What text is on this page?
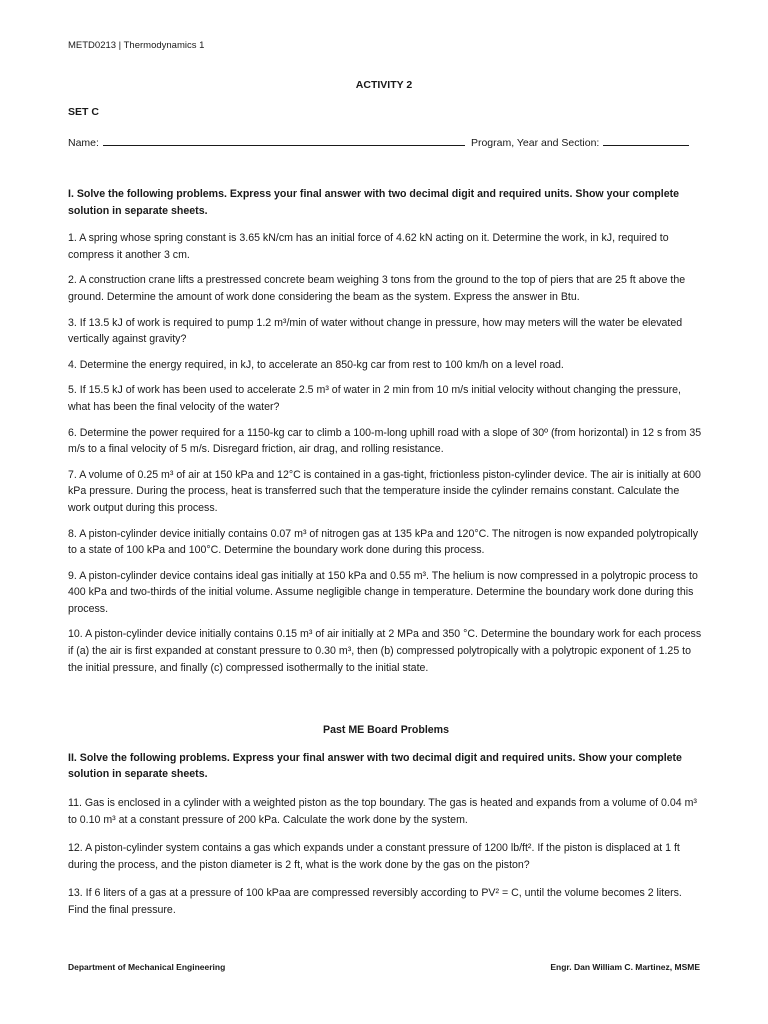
METD0213 | Thermodynamics 1
ACTIVITY 2
SET C
Name:	Program, Year and Section:

I. Solve the following problems. Express your final answer with two decimal digit and required units. Show your complete solution in separate sheets.

1. A spring whose spring constant is 3.65 kN/cm has an initial force of 4.62 kN acting on it. Determine the work, in kJ, required to compress it another 3 cm.

2. A construction crane lifts a prestressed concrete beam weighing 3 tons from the ground to the top of piers that are 25 ft above the ground. Determine the amount of work done considering the beam as the system. Express the answer in Btu.

3. If 13.5 kJ of work is required to pump 1.2 m³/min of water without change in pressure, how may meters will the water be elevated vertically against gravity?

4. Determine the energy required, in kJ, to accelerate an 850-kg car from rest to 100 km/h on a level road.

5. If 15.5 kJ of work has been used to accelerate 2.5 m³ of water in 2 min from 10 m/s initial velocity without changing the pressure, what has been the final velocity of the water?

6. Determine the power required for a 1150-kg car to climb a 100-m-long uphill road with a slope of 30º (from horizontal) in 12 s from 35 m/s to a final velocity of 5 m/s. Disregard friction, air drag, and rolling resistance.

7. A volume of 0.25 m³ of air at 150 kPa and 12°C is contained in a gas-tight, frictionless piston-cylinder device. The air is initially at 600 kPa pressure. During the process, heat is transferred such that the temperature inside the cylinder remains constant. Calculate the work output during this process.

8. A piston-cylinder device initially contains 0.07 m³ of nitrogen gas at 135 kPa and 120°C. The nitrogen is now expanded polytropically to a state of 100 kPa and 100°C. Determine the boundary work done during this process.

9. A piston-cylinder device contains ideal gas initially at 150 kPa and 0.55 m³. The helium is now compressed in a polytropic process to 400 kPa and two-thirds of the initial volume. Assume negligible change in temperature. Determine the boundary work done during this process.

10. A piston-cylinder device initially contains 0.15 m³ of air initially at 2 MPa and 350 °C. Determine the boundary work for each process if (a) the air is first expanded at constant pressure to 0.30 m³, then (b) compressed polytropically with a polytropic exponent of 1.25 to the initial pressure, and finally (c) compressed isothermally to the initial state.

Past ME Board Problems

II. Solve the following problems. Express your final answer with two decimal digit and required units. Show your complete solution in separate sheets.

11. Gas is enclosed in a cylinder with a weighted piston as the top boundary. The gas is heated and expands from a volume of 0.04 m³ to 0.10 m³ at a constant pressure of 200 kPa. Calculate the work done by the system.

12. A piston-cylinder system contains a gas which expands under a constant pressure of 1200 lb/ft². If the piston is displaced at 1 ft during the process, and the piston diameter is 2 ft, what is the work done by the gas on the piston?

13. If 6 liters of a gas at a pressure of 100 kPaa are compressed reversibly according to PV² = C, until the volume becomes 2 liters. Find the final pressure.

Department of Mechanical Engineering	Engr. Dan William C. Martinez, MSME
